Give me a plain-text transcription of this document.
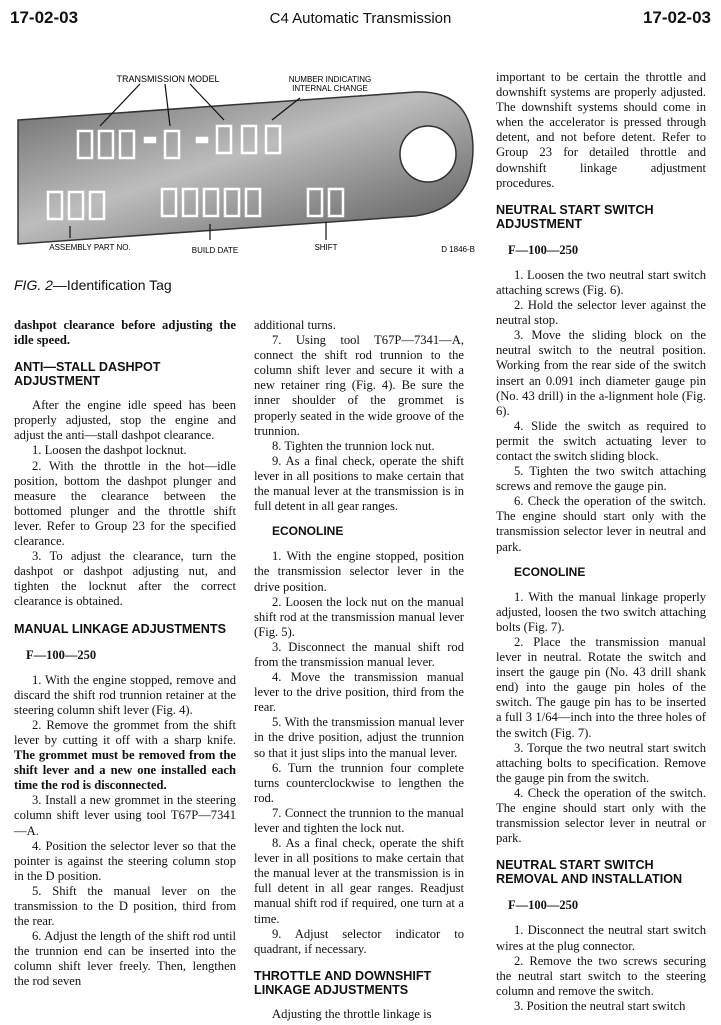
17-02-03	C4 Automatic Transmission	17-02-03
TRANSMISSION MODEL	NUMBER INDICATING
INTERNAL CHANGE
ASSEMBLY PART NO.	BUILD DATE	SHIFT	D 1846-B
FIG. 2—Identification Tag

dashpot clearance before adjusting the idle speed.

ANTI—STALL DASHPOT ADJUSTMENT

After the engine idle speed has been properly adjusted, stop the engine and adjust the anti—stall dashpot clearance.

1. Loosen the dashpot locknut.

2. With the throttle in the hot—idle position, bottom the dashpot plunger and measure the clearance between the bottomed plunger and the throttle shift lever. Refer to Group 23 for the specified clearance.

3. To adjust the clearance, turn the dashpot or dashpot adjusting nut, and tighten the locknut after the correct clearance is obtained.

MANUAL LINKAGE ADJUSTMENTS
F—100—250

1. With the engine stopped, remove and discard the shift rod trunnion retainer at the steering column shift lever (Fig. 4).

2. Remove the grommet from the shift lever by cutting it off with a sharp knife. The grommet must be removed from the shift lever and a new one installed each time the rod is disconnected.

3. Install a new grommet in the steering column shift lever using tool T67P—7341—A.

4. Position the selector lever so that the pointer is against the steering column stop in the D position.

5. Shift the manual lever on the transmission to the D position, third from the rear.

6. Adjust the length of the shift rod until the trunnion end can be inserted into the column shift lever freely. Then, lengthen the rod seven

additional turns.

7. Using tool T67P—7341—A, connect the shift rod trunnion to the column shift lever and secure it with a new retainer ring (Fig. 4). Be sure the inner shoulder of the grommet is properly seated in the wide groove of the trunnion.

8. Tighten the trunnion lock nut.

9. As a final check, operate the shift lever in all positions to make certain that the manual lever at the transmission is in full detent in all gear ranges.

ECONOLINE

1. With the engine stopped, position the transmission selector lever in the drive position.

2. Loosen the lock nut on the manual shift rod at the transmission manual lever (Fig. 5).

3. Disconnect the manual shift rod from the transmission manual lever.

4. Move the transmission manual lever to the drive position, third from the rear.

5. With the transmission manual lever in the drive position, adjust the trunnion so that it just slips into the manual lever.

6. Turn the trunnion four complete turns counterclockwise to lengthen the rod.

7. Connect the trunnion to the manual lever and tighten the lock nut.

8. As a final check, operate the shift lever in all positions to make certain that the manual lever at the transmission is in full detent in all gear ranges. Readjust manual shift rod if required, one turn at a time.

9. Adjust selector indicator to quadrant, if necessary.

THROTTLE AND DOWNSHIFT LINKAGE ADJUSTMENTS

Adjusting the throttle linkage is

important to be certain the throttle and downshift systems are properly adjusted. The downshift systems should come in when the accelerator is pressed through detent, and not before detent. Refer to Group 23 for detailed throttle and downshift linkage adjustment procedures.

NEUTRAL START SWITCH ADJUSTMENT
F—100—250

1. Loosen the two neutral start switch attaching screws (Fig. 6).

2. Hold the selector lever against the neutral stop.

3. Move the sliding block on the neutral switch to the neutral position. Working from the rear side of the switch insert an 0.091 inch diameter gauge pin (No. 43 drill) in the a-lignment hole (Fig. 6).

4. Slide the switch as required to permit the switch actuating lever to contact the switch sliding block.

5. Tighten the two switch attaching screws and remove the gauge pin.

6. Check the operation of the switch. The engine should start only with the transmission selector lever in neutral and park.

ECONOLINE

1. With the manual linkage properly adjusted, loosen the two switch attaching bolts (Fig. 7).

2. Place the transmission manual lever in neutral. Rotate the switch and insert the gauge pin (No. 43 drill shank end) into the gauge pin holes of the switch. The gauge pin has to be inserted a full 3 1/64—inch into the three holes of the switch (Fig. 7).

3. Torque the two neutral start switch attaching bolts to specification. Remove the gauge pin from the switch.

4. Check the operation of the switch. The engine should start only with the transmission selector lever in neutral or park.

NEUTRAL START SWITCH REMOVAL AND INSTALLATION
F—100—250

1. Disconnect the neutral start switch wires at the plug connector.

2. Remove the two screws securing the neutral start switch to the steering column and remove the switch.

3. Position the neutral start switch
